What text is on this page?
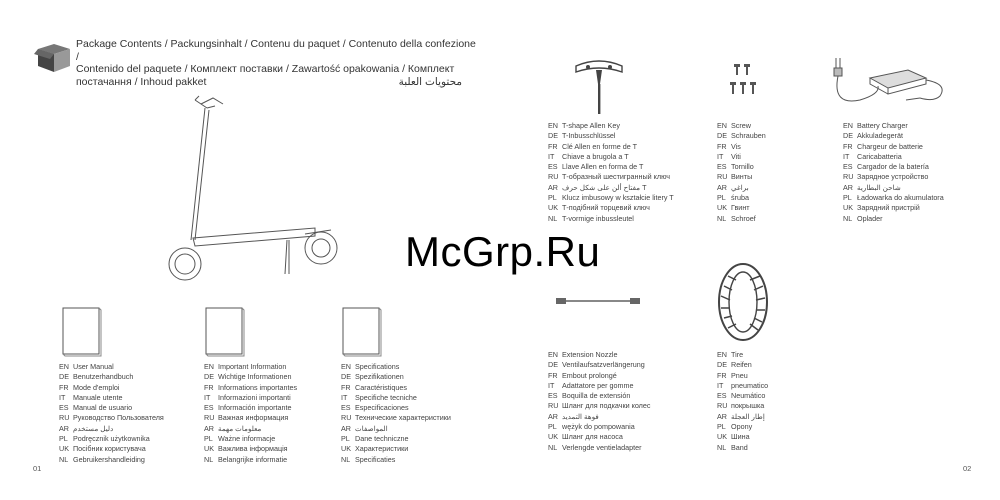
Package Contents / Packungsinhalt / Contenu du paquet / Contenuto della confezione /
Contenido del paquete / Комплект поставки / Zawartość opakowania / Комплект
постачання / Inhoud pakket	محتويات العلبة
EN T-shape Allen Key
DE T-Inbusschlüssel
FR Clé Allen en forme de T
IT	Chiave a brugola a T
ES Llave Allen en forma de T
RU Т-образный шестигранный ключ
AR مفتاح ألن على شكل حرف T
PL Klucz imbusowy w kształcie litery T
UK Т-подібний торцевий ключ
NL T-vormige inbussleutel
EN Screw
DE Schrauben
FR Vis
IT	Viti
ES Tornillo
RU Винты
AR براغي
PL śruba
UK Гвинт
NL Schroef
EN Battery Charger
DE Akkuladegerät
FR Chargeur de batterie
IT	Caricabatteria
ES Cargador de la batería
RU Зарядное устройство
AR شاحن البطارية
PL Ładowarka do akumulatora
UK Зарядний пристрій
NL Oplader
EN User Manual
DE Benutzerhandbuch
FR Mode d'emploi
IT	Manuale utente
ES Manual de usuario
RU Руководство Пользователя
AR دليل مستخدم
PL Podręcznik użytkownika
UK Посібник користувача
NL Gebruikershandleiding
EN Important Information
DE Wichtige Informationen
FR Informations importantes
IT	Informazioni importanti
ES Información importante
RU Важная информация
AR معلومات مهمة
PL Ważne informacje
UK Важлива інформація
NL Belangrijke informatie
EN Specifications
DE Spezifikationen
FR Caractéristiques
IT	Specifiche tecniche
ES Especificaciones
RU Технические характеристики
AR المواصفات
PL Dane techniczne
UK Характеристики
NL Specificaties
EN Extension Nozzle
DE Ventilaufsatzverlängerung
FR Embout prolongé
IT	Adattatore per gomme
ES Boquilla de extensión
RU Шланг для подкачки колес
AR فوهة التمديد
PL wężyk do pompowania
UK Шланг для насоса
NL Verlengde ventieladapter
EN Tire
DE Reifen
FR Pneu
IT	pneumatico
ES Neumático
RU покрышка
AR إطار العجلة
PL Opony
UK Шина
NL Band
McGrp.Ru
01	02
